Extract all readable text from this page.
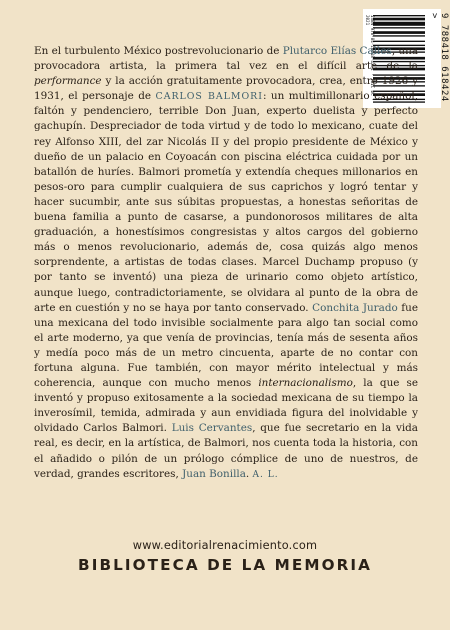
ISBN 978-84-18618-42-4 · IBIC DC · 2021	9 788418 618424 >

En el turbulento México postrevolucionario de Plutarco Elías Calles, una provocadora artista, la primera tal vez en el difícil arte de la performance y la acción gratuitamente provocadora, crea, entre 1926 y 1931, el personaje de CARLOS BALMORI: un multimillonario español, faltón y pendenciero, terrible Don Juan, experto duelista y perfecto gachupín. Despreciador de toda virtud y de todo lo mexicano, cuate del rey Alfonso XIII, del zar Nicolás II y del propio presidente de México y dueño de un palacio en Coyoacán con piscina eléctrica cuidada por un batallón de huríes. Balmori prometía y extendía cheques millonarios en pesos-oro para cumplir cualquiera de sus caprichos y logró tentar y hacer sucumbir, ante sus súbitas propuestas, a honestas señoritas de buena familia a punto de casarse, a pundonorosos militares de alta graduación, a honestísimos congresistas y altos cargos del gobierno más o menos revolucionario, además de, cosa quizás algo menos sorprendente, a artistas de todas clases. Marcel Duchamp propuso (y por tanto se inventó) una pieza de urinario como objeto artístico, aunque luego, contradictoriamente, se olvidara al punto de la obra de arte en cuestión y no se haya por tanto conservado. Conchita Jurado fue una mexicana del todo invisible socialmente para algo tan social como el arte moderno, ya que venía de provincias, tenía más de sesenta años y medía poco más de un metro cincuenta, aparte de no contar con fortuna alguna. Fue también, con mayor mérito intelectual y más coherencia, aunque con mucho menos internacionalismo, la que se inventó y propuso exitosamente a la sociedad mexicana de su tiempo la inverosímil, temida, admirada y aun envidiada figura del inolvidable y olvidado Carlos Balmori. Luis Cervantes, que fue secretario en la vida real, es decir, en la artística, de Balmori, nos cuenta toda la historia, con el añadido o pilón de un prólogo cómplice de uno de nuestros, de verdad, grandes escritores, Juan Bonilla. A. L.

www.editorialrenacimiento.com
BIBLIOTECA DE LA MEMORIA
